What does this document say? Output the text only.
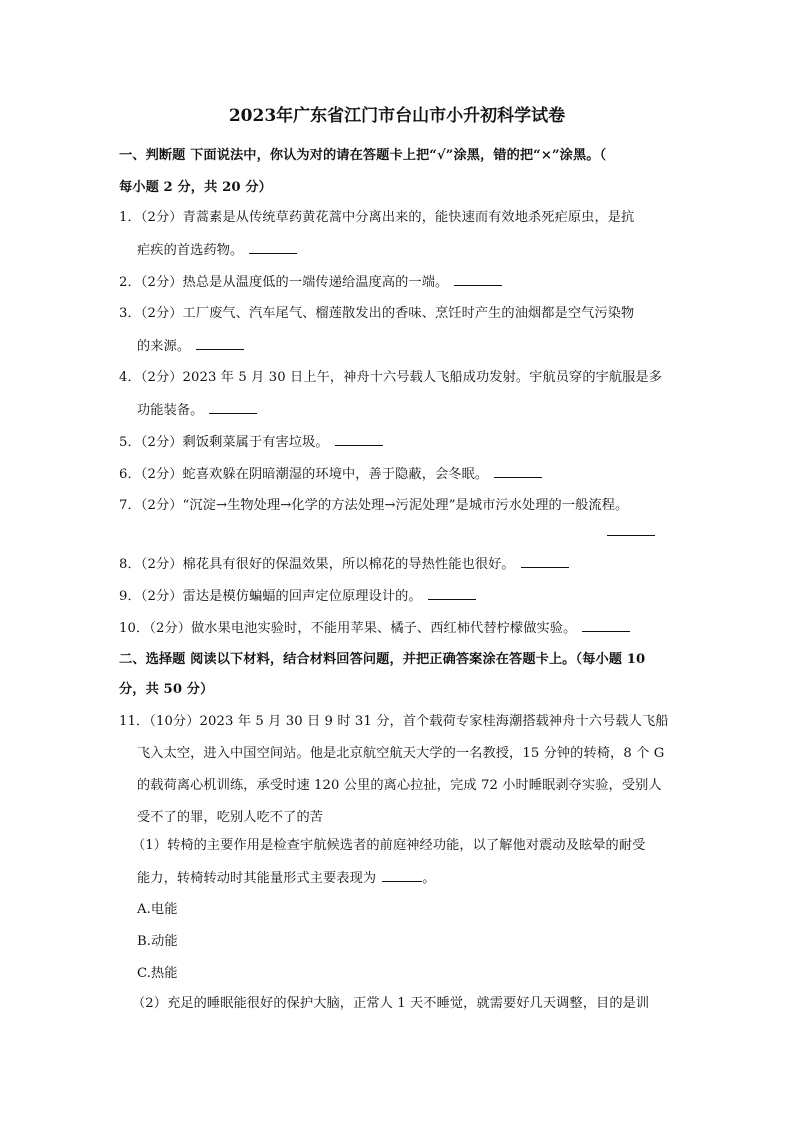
2023年广东省江门市台山市小升初科学试卷
一、判断题 下面说法中，你认为对的请在答题卡上把“√”涂黑，错的把“×”涂黑。（
每小题 2 分，共 20 分）
1．（2分）青蒿素是从传统草药黄花蒿中分离出来的，能快速而有效地杀死疟原虫，是抗
疟疾的首选药物。
2．（2分）热总是从温度低的一端传递给温度高的一端。
3．（2分）工厂废气、汽车尾气、榴莲散发出的香味、烹饪时产生的油烟都是空气污染物
的来源。
4．（2分）2023 年 5 月 30 日上午，神舟十六号载人飞船成功发射。宇航员穿的宇航服是多
功能装备。
5．（2分）剩饭剩菜属于有害垃圾。
6．（2分）蛇喜欢躲在阴暗潮湿的环境中，善于隐蔽，会冬眠。
7．（2分）“沉淀→生物处理→化学的方法处理→污泥处理”是城市污水处理的一般流程。
8．（2分）棉花具有很好的保温效果，所以棉花的导热性能也很好。
9．（2分）雷达是模仿蝙蝠的回声定位原理设计的。
10．（2分）做水果电池实验时，不能用苹果、橘子、西红柿代替柠檬做实验。
二、选择题 阅读以下材料，结合材料回答问题，并把正确答案涂在答题卡上。（每小题 10
分，共 50 分）
11．（10分）2023 年 5 月 30 日 9 时 31 分，首个载荷专家桂海潮搭载神舟十六号载人飞船
飞入太空，进入中国空间站。他是北京航空航天大学的一名教授，15 分钟的转椅，8 个 G
的载荷离心机训练，承受时速 120 公里的离心拉扯，完成 72 小时睡眠剥夺实验，受别人
受不了的罪，吃别人吃不了的苦
（1）转椅的主要作用是检查宇航候选者的前庭神经功能，以了解他对震动及眩晕的耐受
能力，转椅转动时其能量形式主要表现为	。
A.电能
B.动能
C.热能
（2）充足的睡眠能很好的保护大脑，正常人 1 天不睡觉，就需要好几天调整，目的是训
